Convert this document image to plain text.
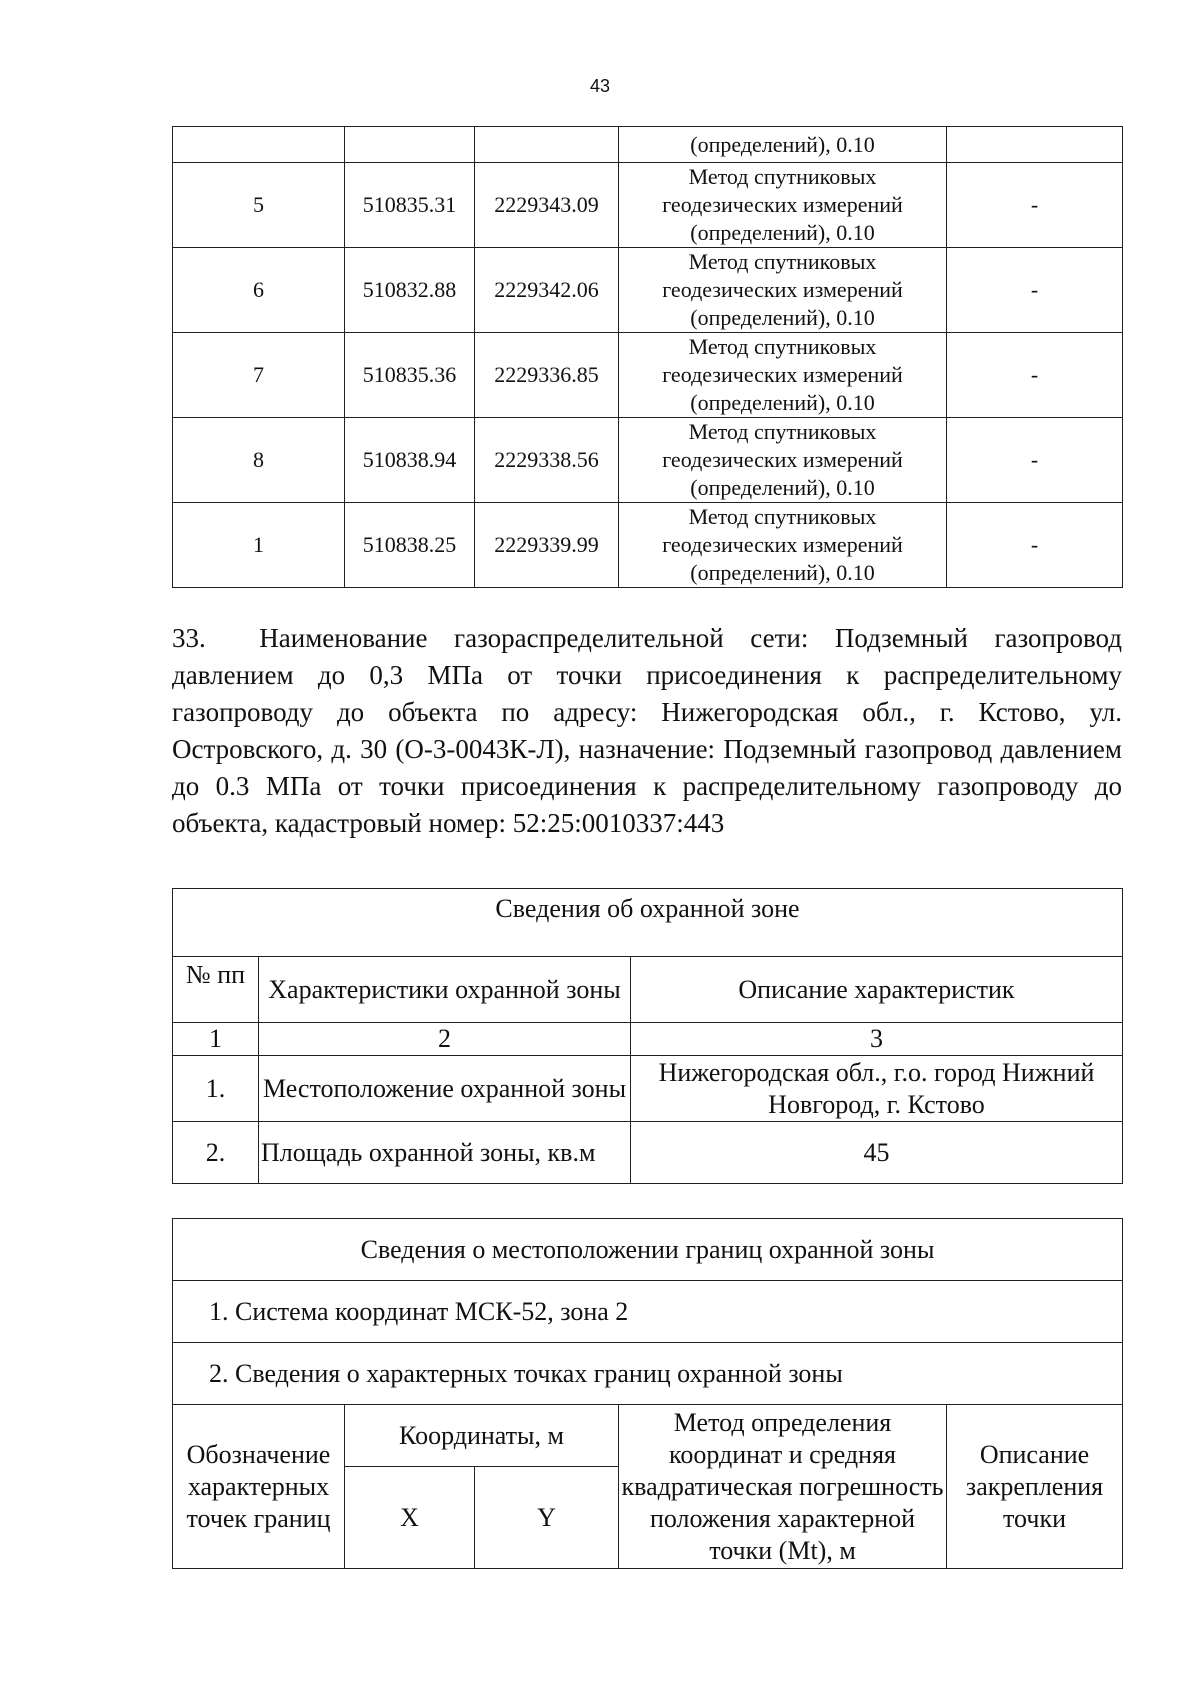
43
			(определений), 0.10	
5	510835.31	2229343.09	Метод спутниковых
геодезических измерений
(определений), 0.10	-
6	510832.88	2229342.06	Метод спутниковых
геодезических измерений
(определений), 0.10	-
7	510835.36	2229336.85	Метод спутниковых
геодезических измерений
(определений), 0.10	-
8	510838.94	2229338.56	Метод спутниковых
геодезических измерений
(определений), 0.10	-
1	510838.25	2229339.99	Метод спутниковых
геодезических измерений
(определений), 0.10	-
33.  Наименование газораспределительной сети: Подземный газопровод давлением до 0,3 МПа от точки присоединения к распределительному газопроводу до объекта по адресу: Нижегородская обл., г. Кстово, ул. Островского, д. 30 (О-3-0043К-Л), назначение: Подземный газопровод давлением до 0.3 МПа от точки присоединения к распределительному газопроводу до объекта, кадастровый номер: 52:25:0010337:443
Сведения об охранной зоне		
№ пп	Характеристики охранной зоны	Описание характеристик
1	2	3
1.	Местоположение охранной зоны	Нижегородская обл., г.о. город Нижний Новгород, г. Кстово
2.	Площадь охранной зоны, кв.м	45
Сведения о местоположении границ охранной зоны				
1. Система координат МСК-52, зона 2				
2. Сведения о характерных точках границ охранной зоны				
Обозначение характерных точек границ	Координаты, м		Метод определения координат и средняя квадратическая погрешность положения характерной точки (Mt), м	Описание закрепления точки
	X	Y		
